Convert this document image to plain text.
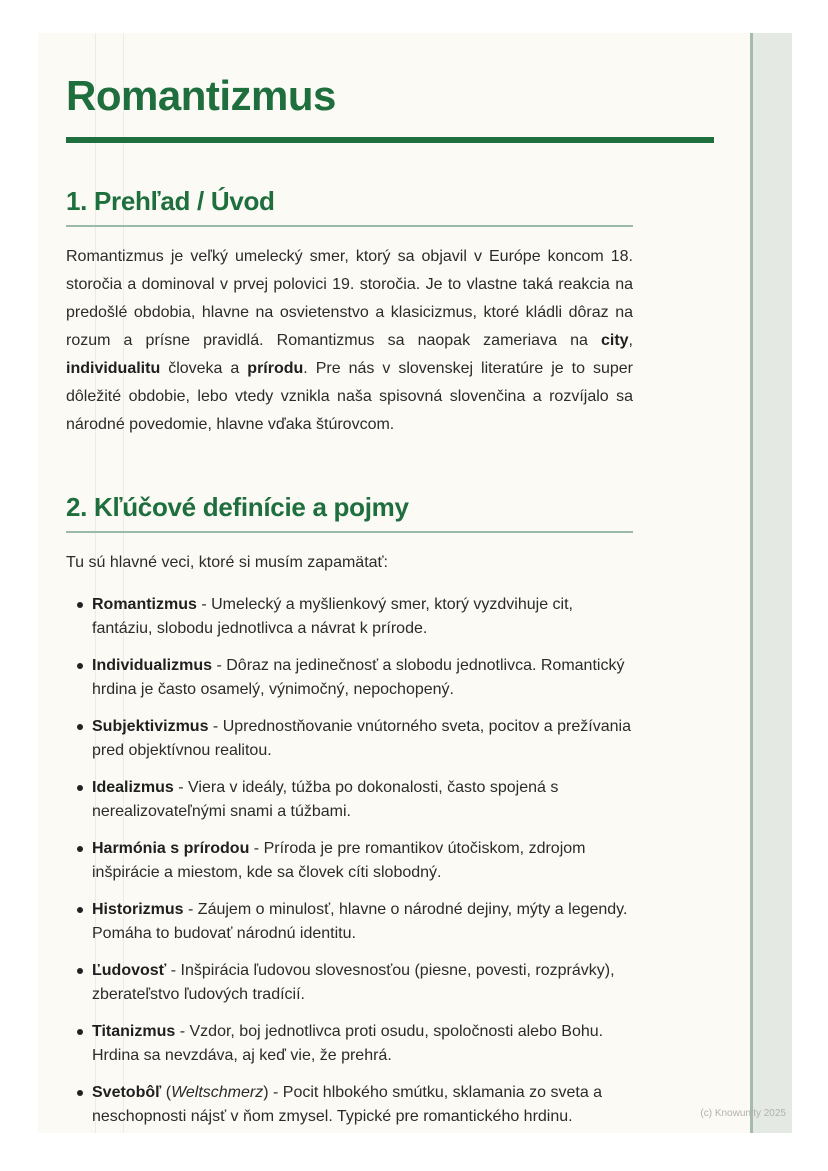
Romantizmus
1. Prehľad / Úvod

Romantizmus je veľký umelecký smer, ktorý sa objavil v Európe koncom 18. storočia a dominoval v prvej polovici 19. storočia. Je to vlastne taká reakcia na predošlé obdobia, hlavne na osvietenstvo a klasicizmus, ktoré kládli dôraz na rozum a prísne pravidlá. Romantizmus sa naopak zameriava na city, individualitu človeka a prírodu. Pre nás v slovenskej literatúre je to super dôležité obdobie, lebo vtedy vznikla naša spisovná slovenčina a rozvíjalo sa národné povedomie, hlavne vďaka štúrovcom.

2. Kľúčové definície a pojmy

Tu sú hlavné veci, ktoré si musím zapamätať:

Romantizmus - Umelecký a myšlienkový smer, ktorý vyzdvihuje cit, fantáziu, slobodu jednotlivca a návrat k prírode.
Individualizmus - Dôraz na jedinečnosť a slobodu jednotlivca. Romantický hrdina je často osamelý, výnimočný, nepochopený.
Subjektivizmus - Uprednostňovanie vnútorného sveta, pocitov a prežívania pred objektívnou realitou.
Idealizmus - Viera v ideály, túžba po dokonalosti, často spojená s nerealizovateľnými snami a túžbami.
Harmónia s prírodou - Príroda je pre romantikov útočiskom, zdrojom inšpirácie a miestom, kde sa človek cíti slobodný.
Historizmus - Záujem o minulosť, hlavne o národné dejiny, mýty a legendy. Pomáha to budovať národnú identitu.
Ľudovosť - Inšpirácia ľudovou slovesnosťou (piesne, povesti, rozprávky), zberateľstvo ľudových tradícií.
Titanizmus - Vzdor, boj jednotlivca proti osudu, spoločnosti alebo Bohu. Hrdina sa nevzdáva, aj keď vie, že prehrá.
Svetobôľ (Weltschmerz) - Pocit hlbokého smútku, sklamania zo sveta a neschopnosti nájsť v ňom zmysel. Typické pre romantického hrdinu.	(c) Knowunity 2025
